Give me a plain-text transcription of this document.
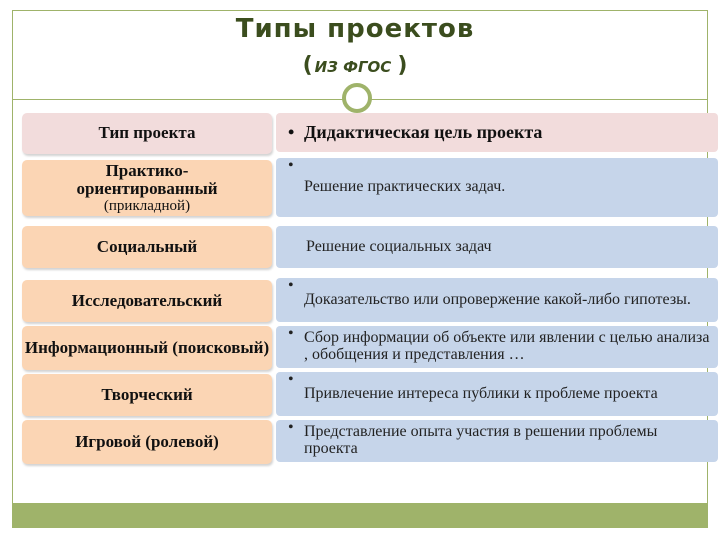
Типы проектов
( ИЗ ФГОС )
Тип проекта	• Дидактическая цель проекта
Практико-
ориентированный
(прикладной)
•
Решение практических задач.
Социальный	Решение социальных задач
Исследовательский
•
Доказательство или опровержение какой-либо гипотезы.
Информационный (поисковый)
• Сбор информации об объекте или явлении с целью анализа , обобщения и представления …
Творческий
•
Привлечение интереса публики к проблеме проекта
Игровой (ролевой)
• Представление опыта участия в решении проблемы проекта
